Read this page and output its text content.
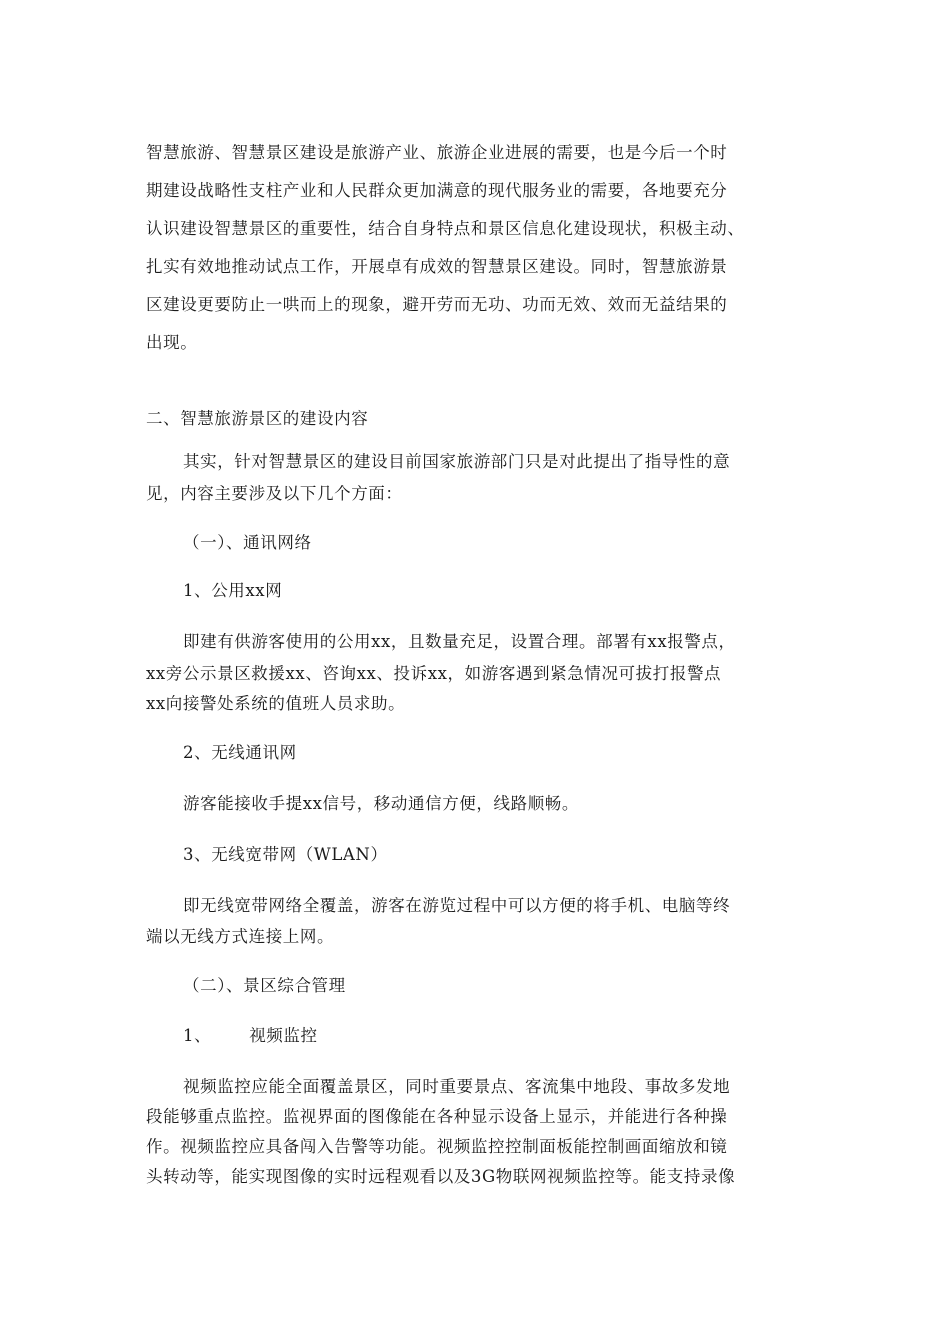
智慧旅游、智慧景区建设是旅游产业、旅游企业进展的需要，也是今后一个时
期建设战略性支柱产业和人民群众更加满意的现代服务业的需要，各地要充分
认识建设智慧景区的重要性，结合自身特点和景区信息化建设现状，积极主动、
扎实有效地推动试点工作，开展卓有成效的智慧景区建设。同时，智慧旅游景
区建设更要防止一哄而上的现象，避开劳而无功、功而无效、效而无益结果的
出现。
二、智慧旅游景区的建设内容
其实，针对智慧景区的建设目前国家旅游部门只是对此提出了指导性的意
见，内容主要涉及以下几个方面：
（一）、通讯网络
1、公用xx网
即建有供游客使用的公用xx，且数量充足，设置合理。部署有xx报警点，
xx旁公示景区救援xx、咨询xx、投诉xx，如游客遇到紧急情况可拔打报警点
xx向接警处系统的值班人员求助。
2、无线通讯网
游客能接收手提xx信号，移动通信方便，线路顺畅。
3、无线宽带网（WLAN）
即无线宽带网络全覆盖，游客在游览过程中可以方便的将手机、电脑等终
端以无线方式连接上网。
（二）、景区综合管理
1、 视频监控
视频监控应能全面覆盖景区，同时重要景点、客流集中地段、事故多发地
段能够重点监控。监视界面的图像能在各种显示设备上显示，并能进行各种操
作。视频监控应具备闯入告警等功能。视频监控控制面板能控制画面缩放和镜
头转动等，能实现图像的实时远程观看以及3G物联网视频监控等。能支持录像
